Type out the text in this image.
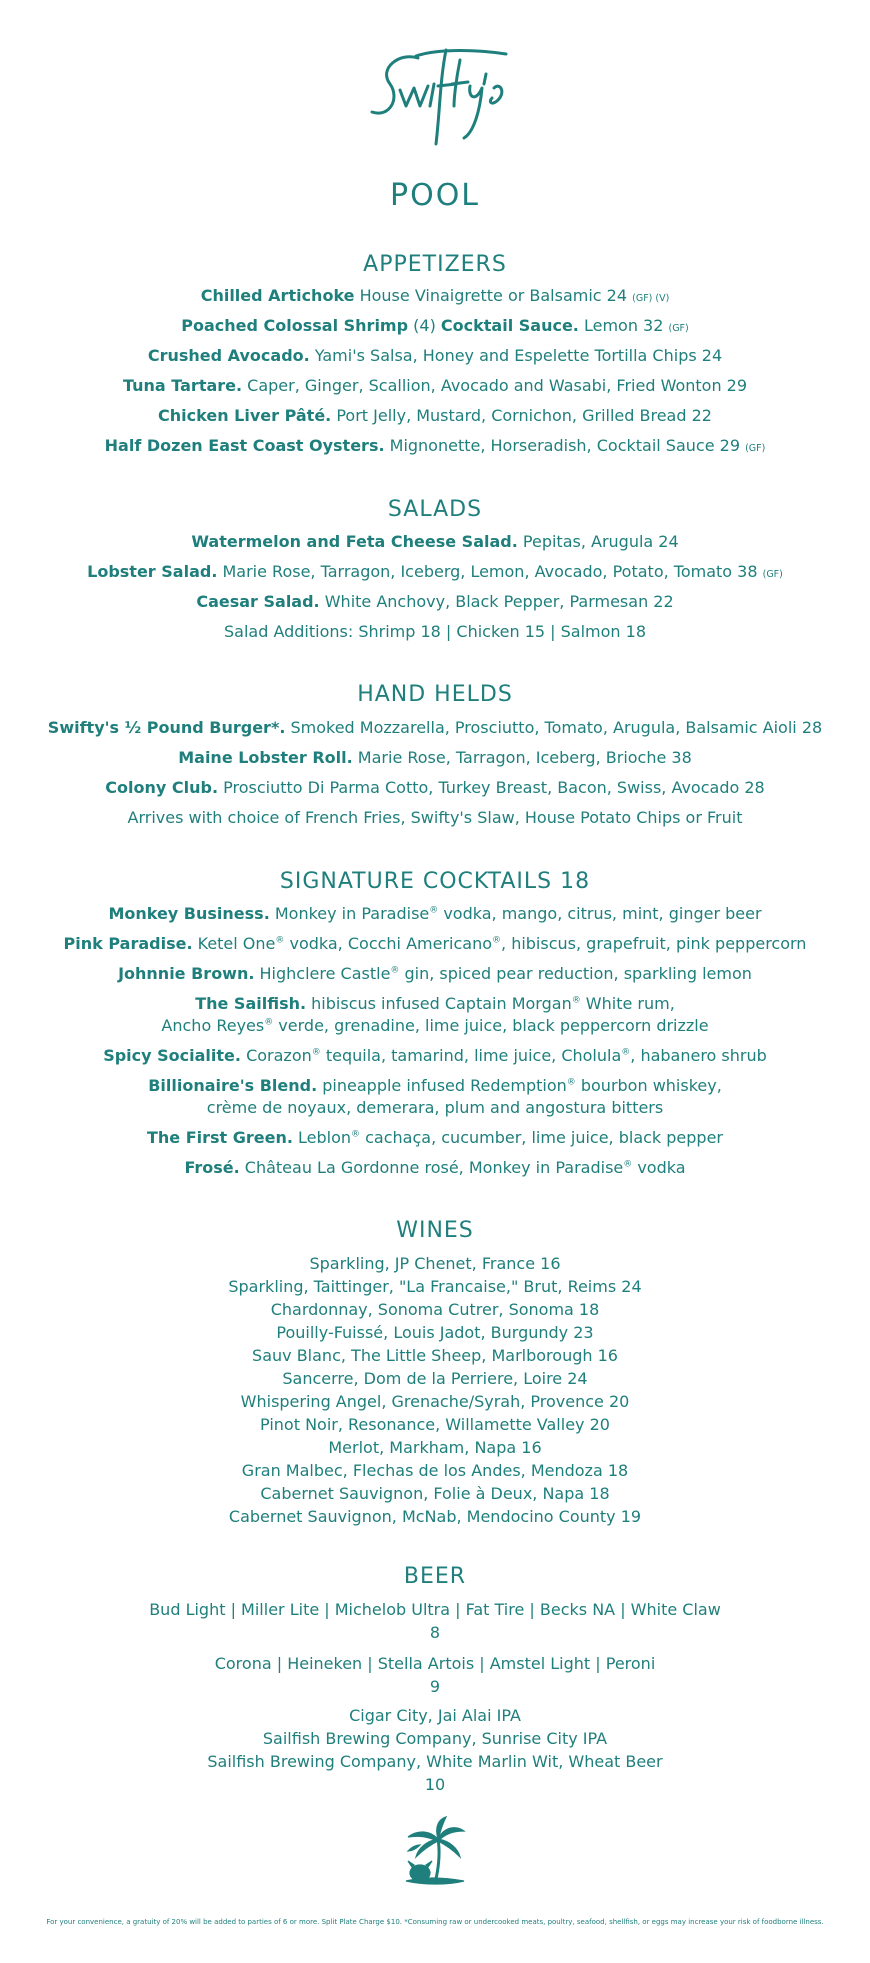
POOL
APPETIZERS
Chilled Artichoke House Vinaigrette or Balsamic 24 (GF) (V)
Poached Colossal Shrimp (4) Cocktail Sauce. Lemon 32 (GF)
Crushed Avocado. Yami's Salsa, Honey and Espelette Tortilla Chips 24
Tuna Tartare. Caper, Ginger, Scallion, Avocado and Wasabi, Fried Wonton 29
Chicken Liver Pâté. Port Jelly, Mustard, Cornichon, Grilled Bread 22
Half Dozen East Coast Oysters. Mignonette, Horseradish, Cocktail Sauce 29 (GF)
SALADS
Watermelon and Feta Cheese Salad. Pepitas, Arugula 24
Lobster Salad. Marie Rose, Tarragon, Iceberg, Lemon, Avocado, Potato, Tomato 38 (GF)
Caesar Salad. White Anchovy, Black Pepper, Parmesan 22
Salad Additions: Shrimp 18 | Chicken 15 | Salmon 18
HAND HELDS
Swifty's ½ Pound Burger*. Smoked Mozzarella, Prosciutto, Tomato, Arugula, Balsamic Aioli 28
Maine Lobster Roll. Marie Rose, Tarragon, Iceberg, Brioche 38
Colony Club. Prosciutto Di Parma Cotto, Turkey Breast, Bacon, Swiss, Avocado 28
Arrives with choice of French Fries, Swifty's Slaw, House Potato Chips or Fruit
SIGNATURE COCKTAILS 18
Monkey Business. Monkey in Paradise® vodka, mango, citrus, mint, ginger beer
Pink Paradise. Ketel One® vodka, Cocchi Americano®, hibiscus, grapefruit, pink peppercorn
Johnnie Brown. Highclere Castle® gin, spiced pear reduction, sparkling lemon
The Sailfish. hibiscus infused Captain Morgan® White rum,
Ancho Reyes® verde, grenadine, lime juice, black peppercorn drizzle
Spicy Socialite. Corazon® tequila, tamarind, lime juice, Cholula®, habanero shrub
Billionaire's Blend. pineapple infused Redemption® bourbon whiskey,
crème de noyaux, demerara, plum and angostura bitters
The First Green. Leblon® cachaça, cucumber, lime juice, black pepper
Frosé. Château La Gordonne rosé, Monkey in Paradise® vodka
WINES
Sparkling, JP Chenet, France 16
Sparkling, Taittinger, "La Francaise," Brut, Reims 24
Chardonnay, Sonoma Cutrer, Sonoma 18
Pouilly-Fuissé, Louis Jadot, Burgundy 23
Sauv Blanc, The Little Sheep, Marlborough 16
Sancerre, Dom de la Perriere, Loire 24
Whispering Angel, Grenache/Syrah, Provence 20
Pinot Noir, Resonance, Willamette Valley 20
Merlot, Markham, Napa 16
Gran Malbec, Flechas de los Andes, Mendoza 18
Cabernet Sauvignon, Folie à Deux, Napa 18
Cabernet Sauvignon, McNab, Mendocino County 19
BEER
Bud Light | Miller Lite | Michelob Ultra | Fat Tire | Becks NA | White Claw
8
Corona | Heineken | Stella Artois | Amstel Light | Peroni
9
Cigar City, Jai Alai IPA
Sailfish Brewing Company, Sunrise City IPA
Sailfish Brewing Company, White Marlin Wit, Wheat Beer
10
For your convenience, a gratuity of 20% will be added to parties of 6 or more. Split Plate Charge $10. *Consuming raw or undercooked meats, poultry, seafood, shellfish, or eggs may increase your risk of foodborne illness.
